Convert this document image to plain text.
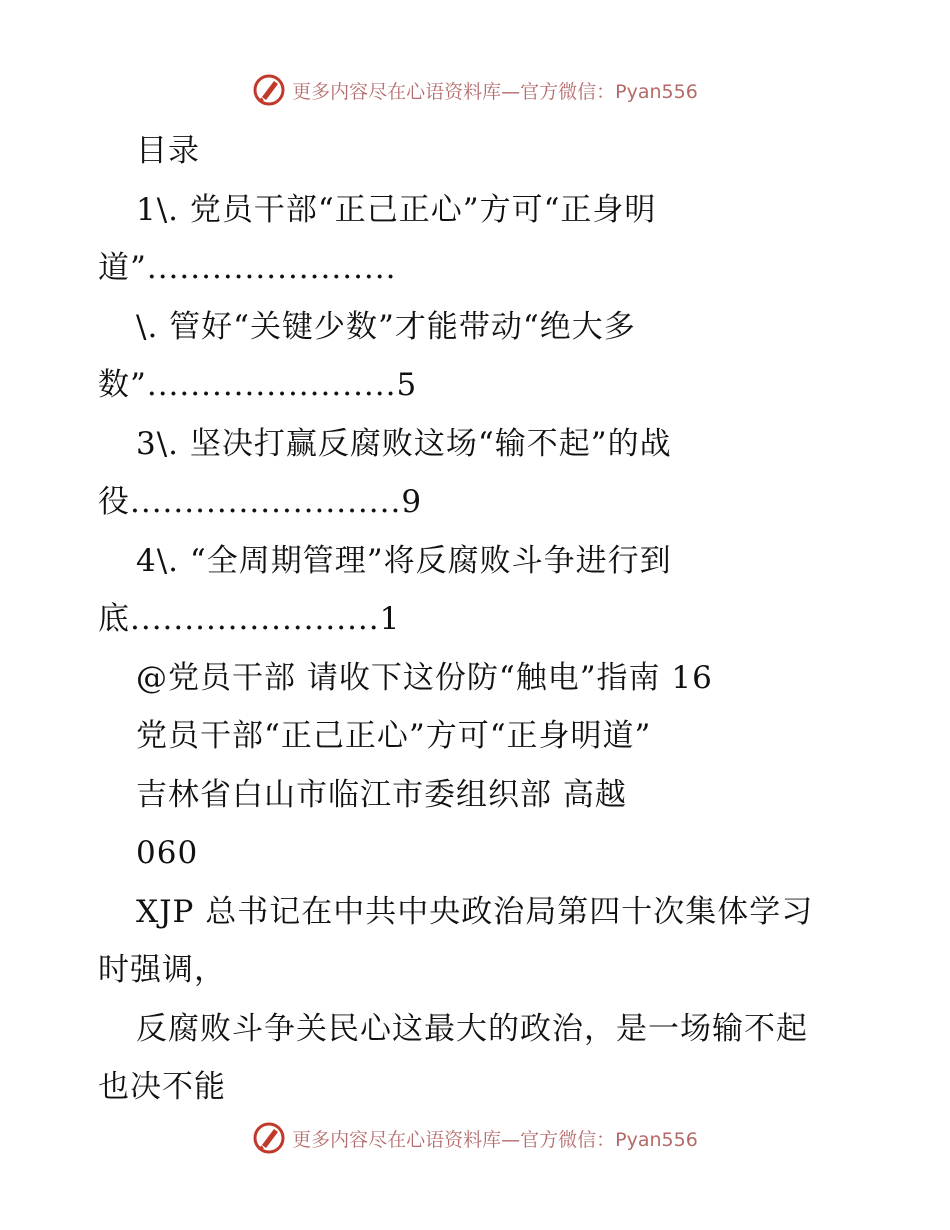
更多内容尽在心语资料库—官方微信：Pyan556
目录
1\. 党员干部“正己正心”方可“正身明
道”.......................
\. 管好“关键少数”才能带动“绝大多
数”.......................5
3\. 坚决打赢反腐败这场“输不起”的战
役.........................9
4\. “全周期管理”将反腐败斗争进行到
底.......................1
@党员干部 请收下这份防“触电”指南 16
党员干部“正己正心”方可“正身明道”
吉林省白山市临江市委组织部 高越
060
XJP 总书记在中共中央政治局第四十次集体学习
时强调，
反腐败斗争关民心这最大的政治，是一场输不起
也决不能
更多内容尽在心语资料库—官方微信：Pyan556
